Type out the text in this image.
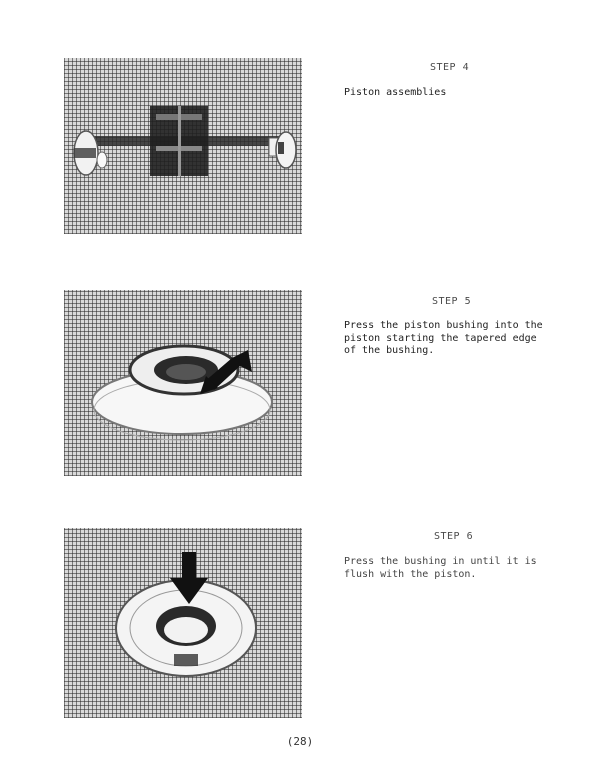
STEP 4
Piston assemblies
STEP 5
Press the piston bushing into the
piston starting the tapered edge
of the bushing.
STEP 6
Press the bushing in until it is
flush with the piston.
(28)
